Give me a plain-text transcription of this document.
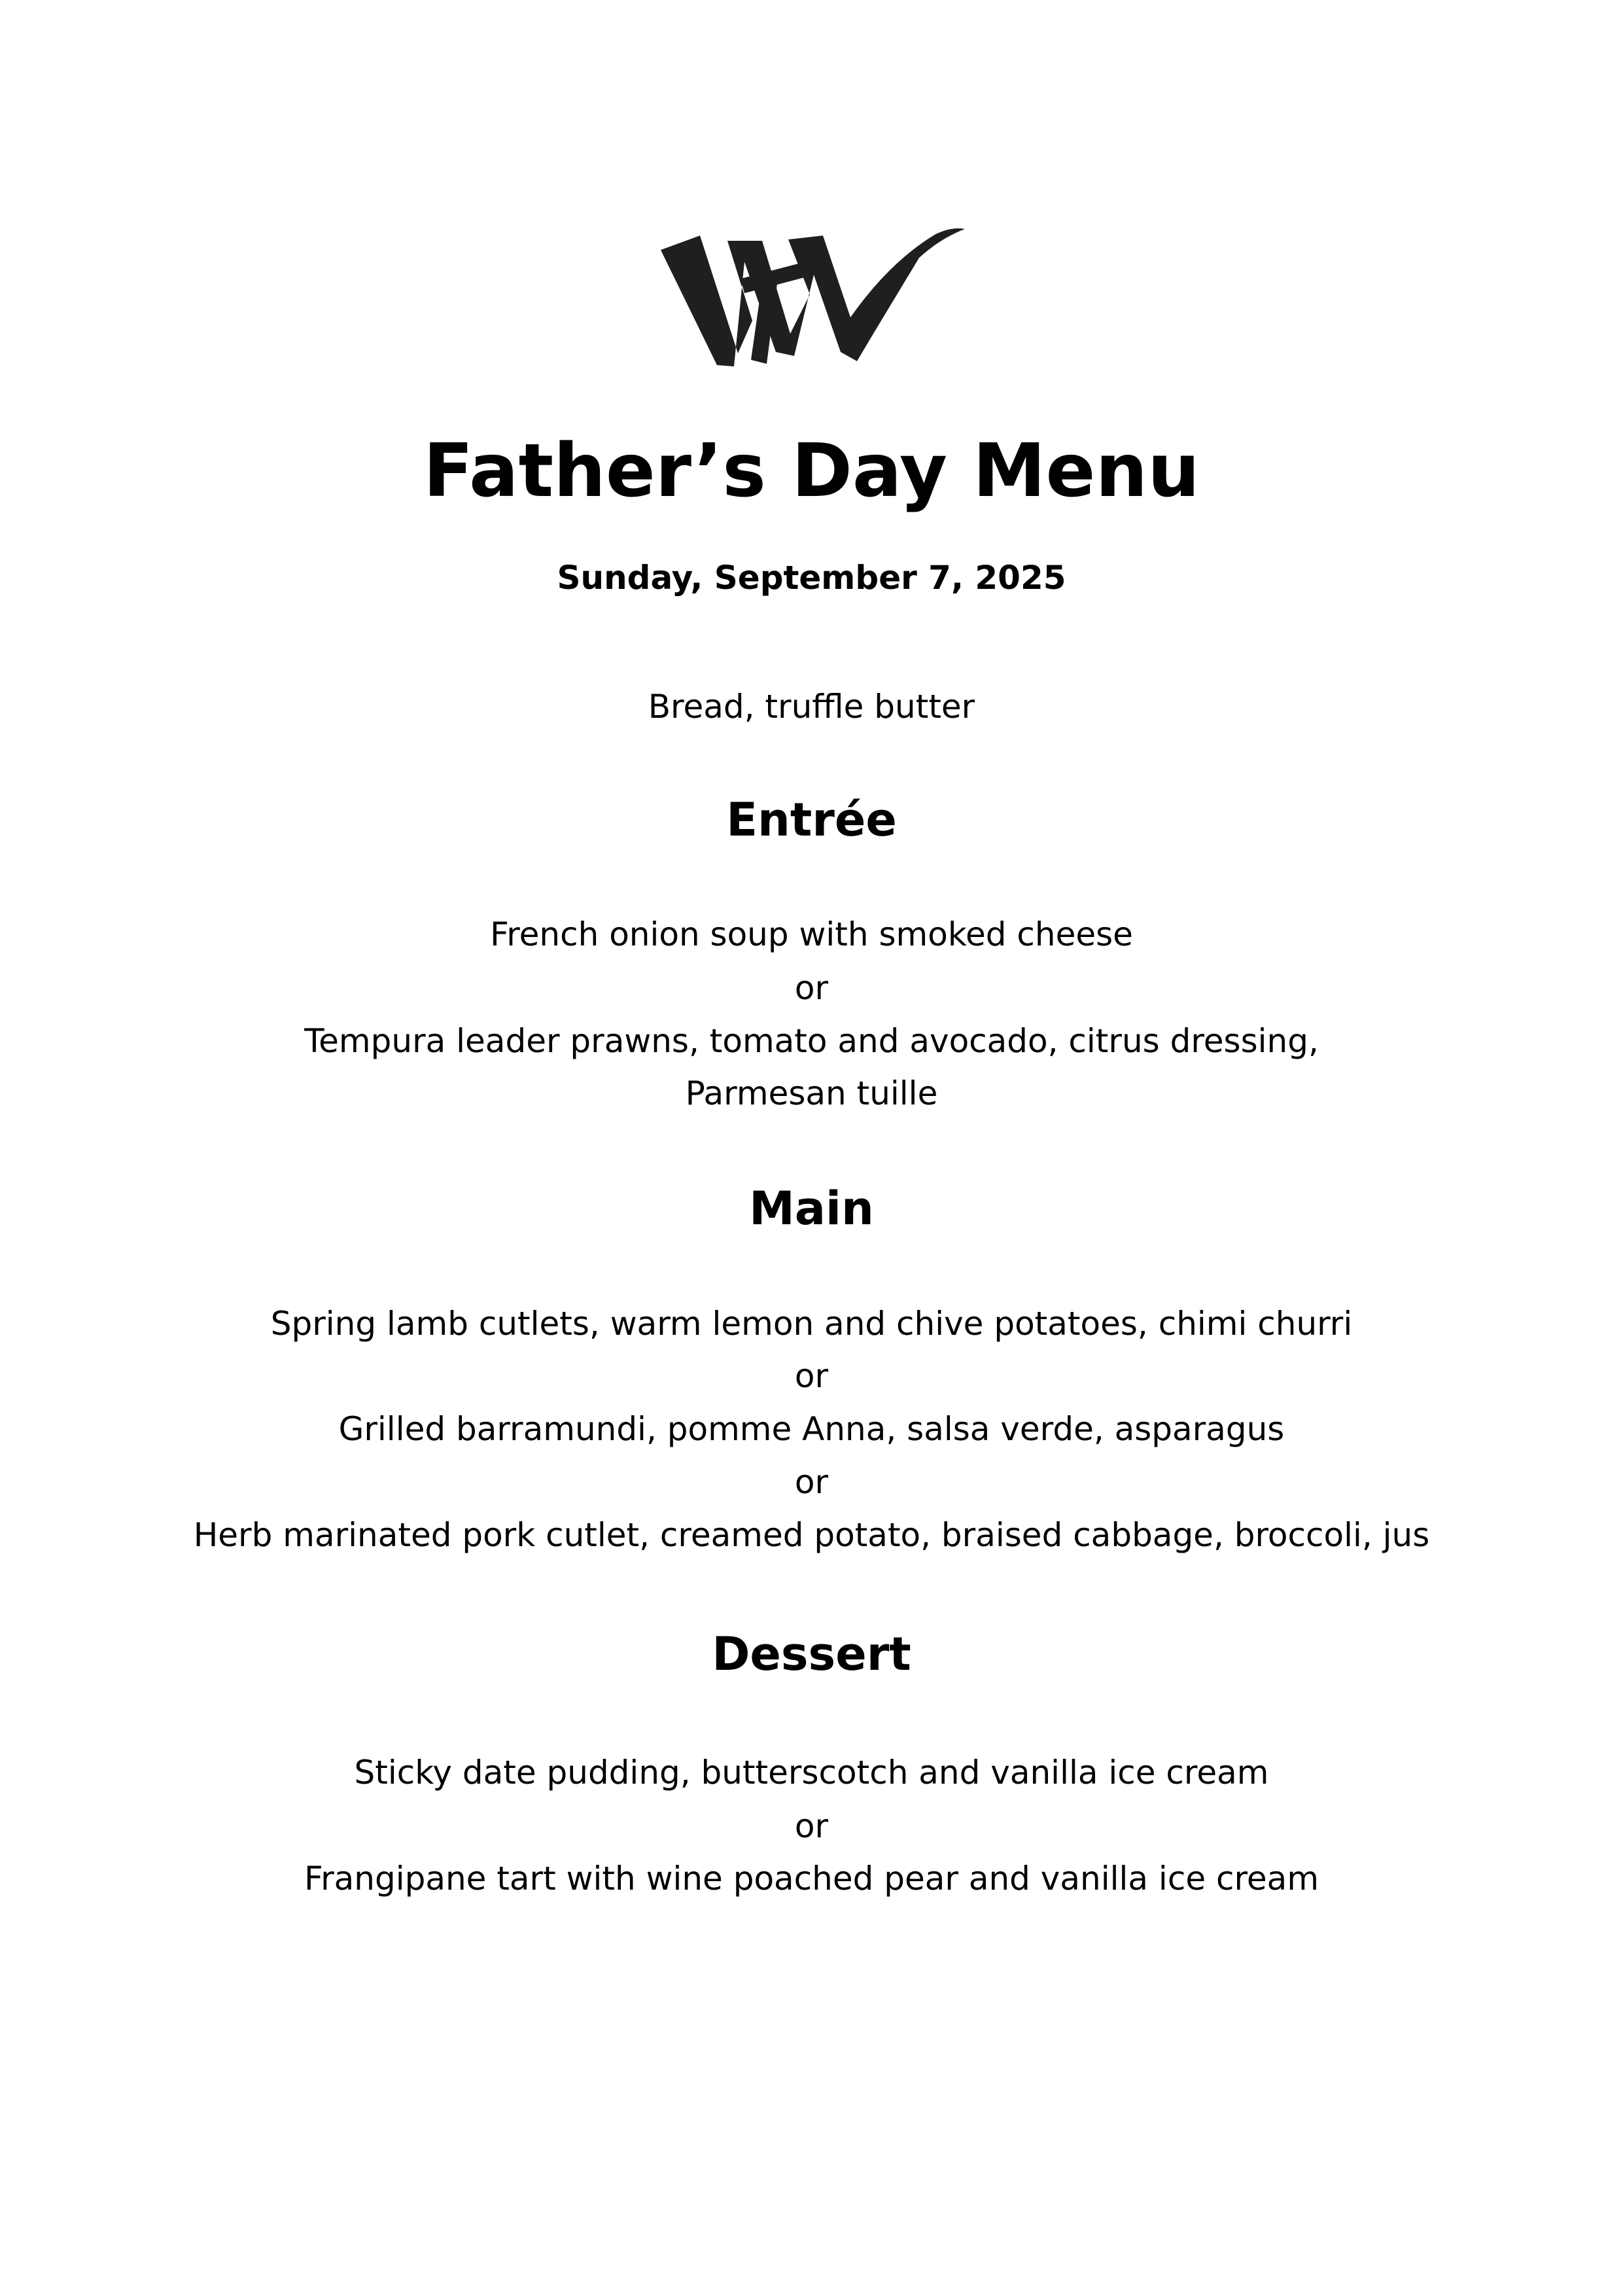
Father’s Day Menu
Sunday, September 7, 2025
Bread, truffle butter
Entrée
French onion soup with smoked cheese
or
Tempura leader prawns, tomato and avocado, citrus dressing,
Parmesan tuille
Main
Spring lamb cutlets, warm lemon and chive potatoes, chimi churri
or
Grilled barramundi, pomme Anna, salsa verde, asparagus
or
Herb marinated pork cutlet, creamed potato, braised cabbage, broccoli, jus
Dessert
Sticky date pudding, butterscotch and vanilla ice cream
or
Frangipane tart with wine poached pear and vanilla ice cream
